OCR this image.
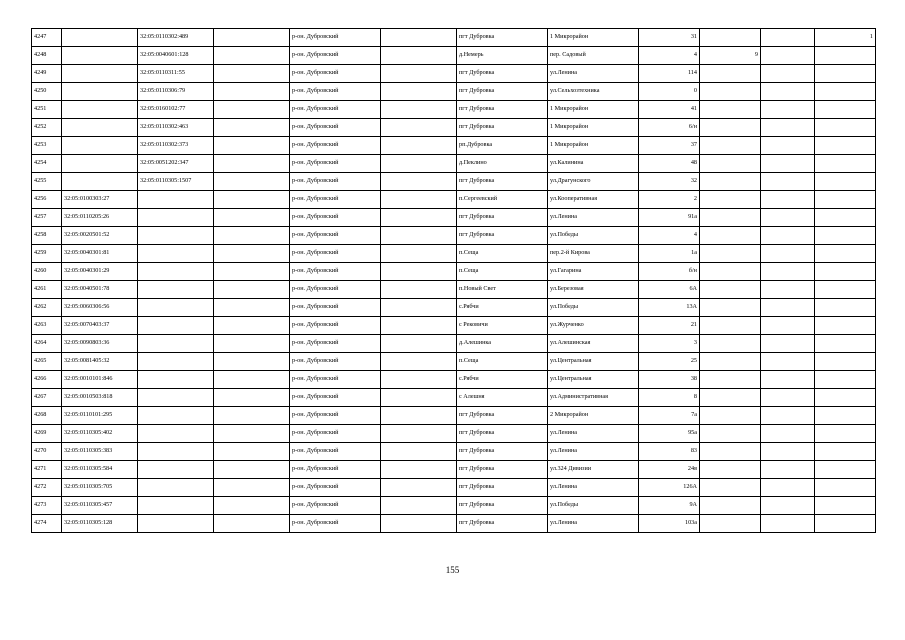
4247		32:05:0110302:489		р-он. Дубровский		пгт Дубровка	1 Микрорайон	31			1
4248		32:05:0040601:128		р-он. Дубровский		д.Немерь	пер. Садовый	4	9		
4249		32:05:0110311:55		р-он. Дубровский		пгт Дубровка	ул.Ленина	114			
4250		32:05:0110306:79		р-он. Дубровский		пгт Дубровка	ул.Сельхозтехника	0			
4251		32:05:0160102:77		р-он. Дубровский		пгт Дубровка	1 Микрорайон	41			
4252		32:05:0110302:463		р-он. Дубровский		пгт Дубровка	1 Микрорайон	6/н			
4253		32:05:0110302:373		р-он. Дубровский		рп.Дубровка	1 Микрорайон	37			
4254		32:05:0051202:347		р-он. Дубровский		д.Пеклино	ул.Калинина	48			
4255		32:05:0110305:1507		р-он. Дубровский		пгт Дубровка	ул.Драгунского	32			
4256	32:05:0100303:27			р-он. Дубровский		п.Сергеевский	ул.Кооперативная	2			
4257	32:05:0110205:26			р-он. Дубровский		пгт Дубровка	ул.Ленина	91а			
4258	32:05:0020501:52			р-он. Дубровский		пгт Дубровка	ул.Победы	4			
4259	32:05:0040301:81			р-он. Дубровский		п.Сеща	пер.2-й Кирова	1а			
4260	32:05:0040301:29			р-он. Дубровский		п.Сеща	ул.Гагарина	б/н			
4261	32:05:0040501:78			р-он. Дубровский		п.Новый Свет	ул.Березовая	6А			
4262	32:05:0060306:56			р-он. Дубровский		с.Рябчи	ул.Победы	13А			
4263	32:05:0070403:37			р-он. Дубровский		с Рековичи	ул.Журченко	21			
4264	32:05:0090803:36			р-он. Дубровский		д.Алешинка	ул.Алешинская	3			
4265	32:05:0081405:32			р-он. Дубровский		п.Сеща	ул.Центральная	25			
4266	32:05:0010101:846			р-он. Дубровский		с.Рябчи	ул.Центральная	38			
4267	32:05:0010503:818			р-он. Дубровский		с Алешня	ул.Административная	8			
4268	32:05:0110101:295			р-он. Дубровский		пгт Дубровка	2 Микрорайон	7а			
4269	32:05:0110305:402			р-он. Дубровский		пгт Дубровка	ул.Ленина	95а			
4270	32:05:0110305:383			р-он. Дубровский		пгт Дубровка	ул.Ленина	83			
4271	32:05:0110305:584			р-он. Дубровский		пгт Дубровка	ул.324 Дивизии	24в			
4272	32:05:0110305:705			р-он. Дубровский		пгт Дубровка	ул.Ленина	126А			
4273	32:05:0110305:457			р-он. Дубровский		пгт Дубровка	ул.Победы	9А			
4274	32:05:0110305:128			р-он. Дубровский		пгт Дубровка	ул.Ленина	103а			
155
